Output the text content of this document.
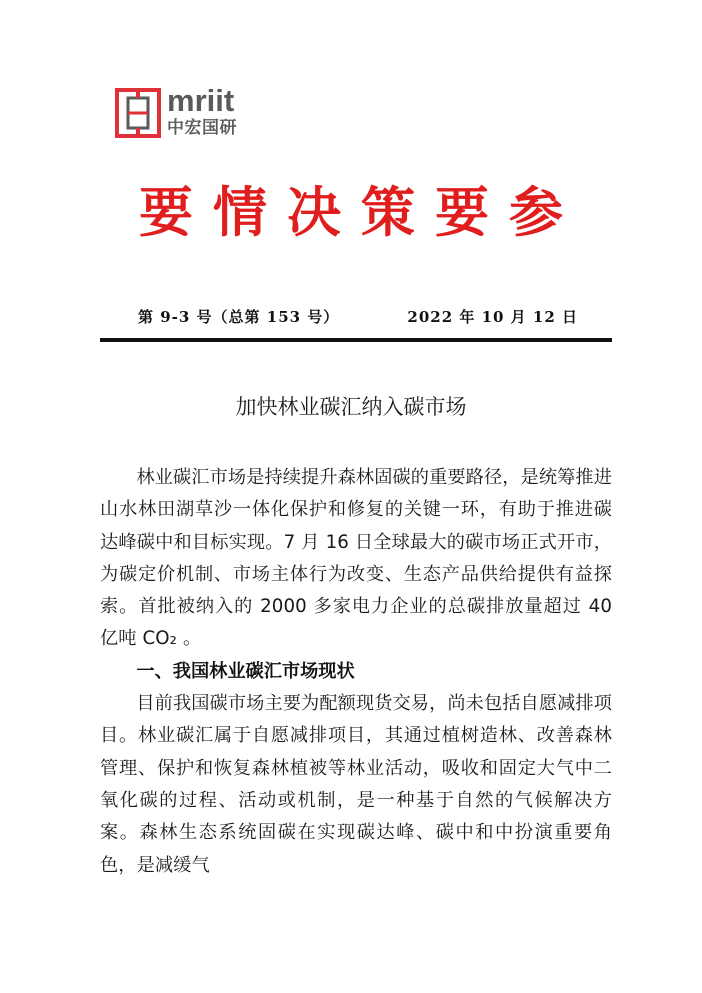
mriit
中宏国研
要情决策要参
第 9-3 号（总第 153 号）	2022 年 10 月 12 日
加快林业碳汇纳入碳市场

林业碳汇市场是持续提升森林固碳的重要路径，是统筹推进山水林田湖草沙一体化保护和修复的关键一环，有助于推进碳达峰碳中和目标实现。7 月 16 日全球最大的碳市场正式开市，为碳定价机制、市场主体行为改变、生态产品供给提供有益探索。首批被纳入的 2000 多家电力企业的总碳排放量超过 40 亿吨 CO₂ 。

一、我国林业碳汇市场现状

目前我国碳市场主要为配额现货交易，尚未包括自愿减排项目。林业碳汇属于自愿减排项目，其通过植树造林、改善森林管理、保护和恢复森林植被等林业活动，吸收和固定大气中二氧化碳的过程、活动或机制，是一种基于自然的气候解决方案。森林生态系统固碳在实现碳达峰、碳中和中扮演重要角色，是减缓气
